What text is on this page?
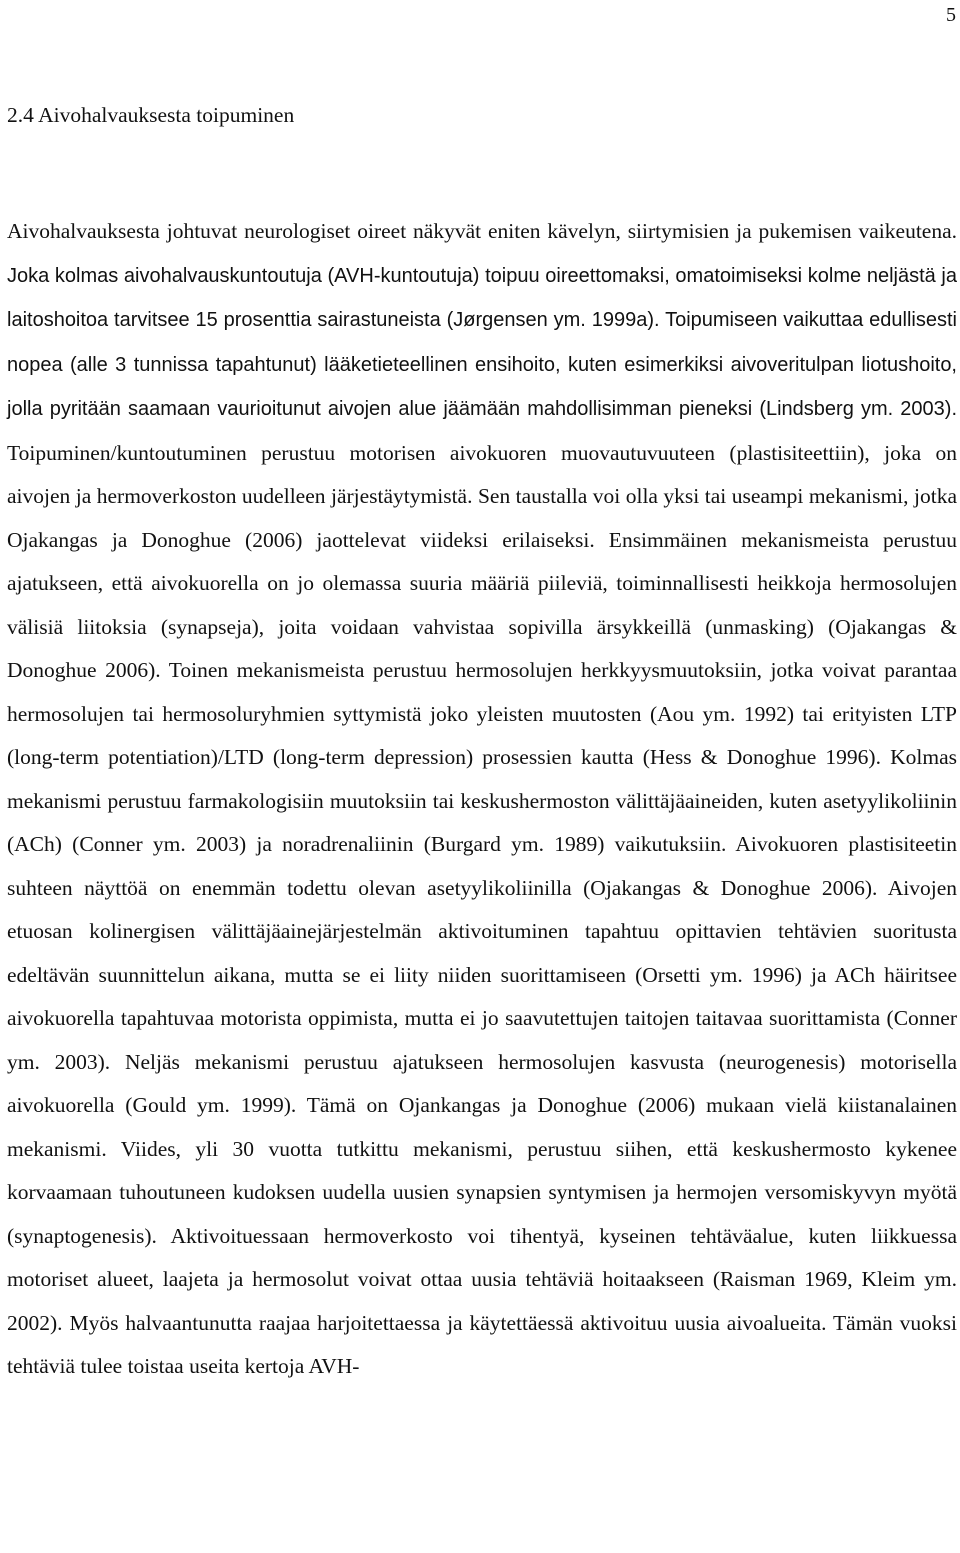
5
2.4 Aivohalvauksesta toipuminen

Aivohalvauksesta johtuvat neurologiset oireet näkyvät eniten kävelyn, siirtymisien ja pukemisen vaikeutena. Joka kolmas aivohalvauskuntoutuja (AVH-kuntoutuja) toipuu oireettomaksi, omatoimiseksi kolme neljästä ja laitoshoitoa tarvitsee 15 prosenttia sairastuneista (Jørgensen ym. 1999a). Toipumiseen vaikuttaa edullisesti nopea (alle 3 tunnissa tapahtunut) lääketieteellinen ensihoito, kuten esimerkiksi aivoveritulpan liotushoito, jolla pyritään saamaan vaurioitunut aivojen alue jäämään mahdollisimman pieneksi (Lindsberg ym. 2003). Toipuminen/kuntoutuminen perustuu motorisen aivokuoren muovautuvuuteen (plastisiteettiin), joka on aivojen ja hermoverkoston uudelleen järjestäytymistä. Sen taustalla voi olla yksi tai useampi mekanismi, jotka Ojakangas ja Donoghue (2006) jaottelevat viideksi erilaiseksi. Ensimmäinen mekanismeista perustuu ajatukseen, että aivokuorella on jo olemassa suuria määriä piileviä, toiminnallisesti heikkoja hermosolujen välisiä liitoksia (synapseja), joita voidaan vahvistaa sopivilla ärsykkeillä (unmasking) (Ojakangas & Donoghue 2006). Toinen mekanismeista perustuu hermosolujen herkkyysmuutoksiin, jotka voivat parantaa hermosolujen tai hermosoluryhmien syttymistä joko yleisten muutosten (Aou ym. 1992) tai erityisten LTP (long-term potentiation)/LTD (long-term depression) prosessien kautta (Hess & Donoghue 1996). Kolmas mekanismi perustuu farmakologisiin muutoksiin tai keskushermoston välittäjäaineiden, kuten asetyylikoliinin (ACh) (Conner ym. 2003) ja noradrenaliinin (Burgard ym. 1989) vaikutuksiin. Aivokuoren plastisiteetin suhteen näyttöä on enemmän todettu olevan asetyylikoliinilla (Ojakangas & Donoghue 2006). Aivojen etuosan kolinergisen välittäjäainejärjestelmän aktivoituminen tapahtuu opittavien tehtävien suoritusta edeltävän suunnittelun aikana, mutta se ei liity niiden suorittamiseen (Orsetti ym. 1996) ja ACh häiritsee aivokuorella tapahtuvaa motorista oppimista, mutta ei jo saavutettujen taitojen taitavaa suorittamista (Conner ym. 2003). Neljäs mekanismi perustuu ajatukseen hermosolujen kasvusta (neurogenesis) motorisella aivokuorella (Gould ym. 1999). Tämä on Ojankangas ja Donoghue (2006) mukaan vielä kiistanalainen mekanismi. Viides, yli 30 vuotta tutkittu mekanismi, perustuu siihen, että keskushermosto kykenee korvaamaan tuhoutuneen kudoksen uudella uusien synapsien syntymisen ja hermojen versomiskyvyn myötä (synaptogenesis). Aktivoituessaan hermoverkosto voi tihentyä, kyseinen tehtäväalue, kuten liikkuessa motoriset alueet, laajeta ja hermosolut voivat ottaa uusia tehtäviä hoitaakseen (Raisman 1969, Kleim ym. 2002). Myös halvaantunutta raajaa harjoitettaessa ja käytettäessä aktivoituu uusia aivoalueita. Tämän vuoksi tehtäviä tulee toistaa useita kertoja AVH-
